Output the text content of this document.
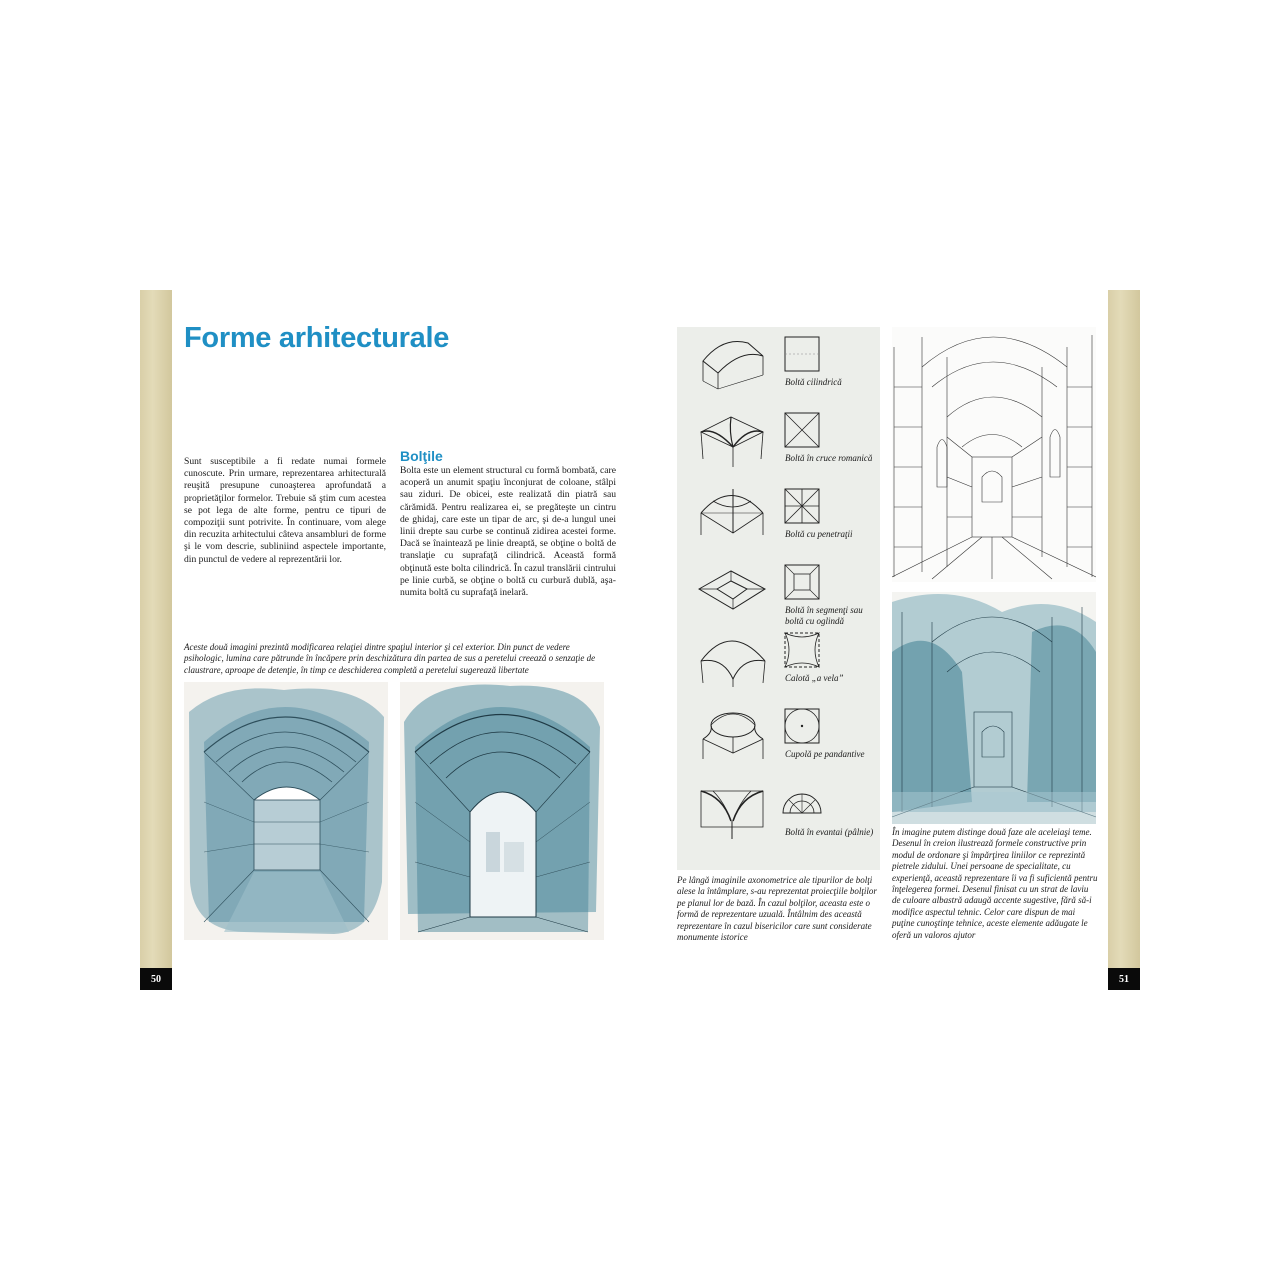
Forme arhitecturale

Sunt susceptibile a fi redate numai formele cunoscute. Prin urmare, reprezentarea arhitecturală reuşită presupune cunoaşterea aprofundată a proprietăţilor formelor. Trebuie să ştim cum acestea se pot lega de alte forme, pentru ce tipuri de compoziţii sunt potrivite. În continuare, vom alege din recuzita arhitectului câteva ansambluri de forme şi le vom descrie, subliniind aspectele importante, din punctul de vedere al reprezentării lor.

Bolţile

Bolta este un element structural cu formă bombată, care acoperă un anumit spaţiu înconjurat de coloane, stâlpi sau ziduri. De obicei, este realizată din piatră sau cărămidă. Pentru realizarea ei, se pregăteşte un cintru de ghidaj, care este un tipar de arc, şi de-a lungul unei linii drepte sau curbe se continuă zidirea acestei forme. Dacă se înaintează pe linie dreaptă, se obţine o boltă de translaţie cu suprafaţă cilindrică. Această formă obţinută este bolta cilindrică. În cazul translării cintrului pe linie curbă, se obţine o boltă cu curbură dublă, aşa-numita boltă cu suprafaţă inelară.

Aceste două imagini prezintă modificarea relaţiei dintre spaţiul interior şi cel exterior. Din punct de vedere psihologic, lumina care pătrunde în încăpere prin deschizătura din partea de sus a peretelui creează o senzaţie de claustrare, aproape de detenţie, în timp ce deschiderea completă a peretelui sugerează libertate

50
Boltă cilindrică
Boltă în cruce romanică
Boltă cu penetraţii
Boltă în segmenţi sau boltă cu oglindă
Calotă „a vela”
Cupolă pe pandantive
Boltă în evantai (pâlnie)

Pe lângă imaginile axonometrice ale tipurilor de bolţi alese la întâmplare, s-au reprezentat proiecţiile bolţilor pe planul lor de bază. În cazul bolţilor, aceasta este o formă de reprezentare uzuală. Întâlnim des această reprezentare în cazul bisericilor care sunt considerate monumente istorice

În imagine putem distinge două faze ale aceleiaşi teme. Desenul în creion ilustrează formele constructive prin modul de ordonare şi împărţirea liniilor ce reprezintă pietrele zidului. Unei persoane de specialitate, cu experienţă, această reprezentare îi va fi suficientă pentru înţelegerea formei. Desenul finisat cu un strat de laviu de culoare albastră adaugă accente sugestive, fără să-i modifice aspectul tehnic. Celor care dispun de mai puţine cunoştinţe tehnice, aceste elemente adăugate le oferă un valoros ajutor

51
